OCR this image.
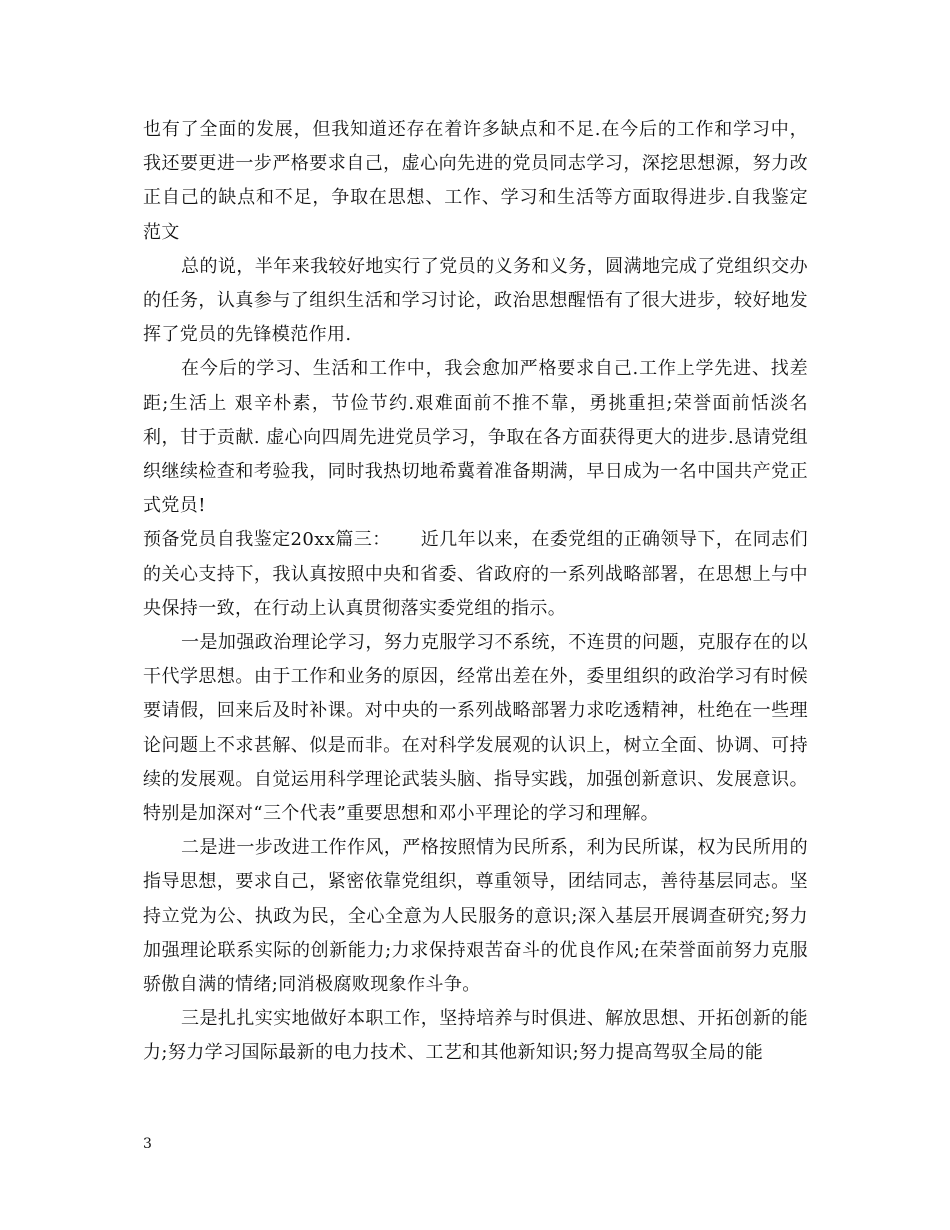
也有了全面的发展，但我知道还存在着许多缺点和不足.在今后的工作和学习中，我还要更进一步严格要求自己，虚心向先进的党员同志学习，深挖思想源，努力改正自己的缺点和不足，争取在思想、工作、学习和生活等方面取得进步.自我鉴定范文

总的说，半年来我较好地实行了党员的义务和义务，圆满地完成了党组织交办的任务，认真参与了组织生活和学习讨论，政治思想醒悟有了很大进步，较好地发挥了党员的先锋模范作用.

在今后的学习、生活和工作中，我会愈加严格要求自己.工作上学先进、找差距;生活上 艰辛朴素，节俭节约.艰难面前不推不靠，勇挑重担;荣誉面前恬淡名利，甘于贡献. 虚心向四周先进党员学习，争取在各方面获得更大的进步.恳请党组织继续检查和考验我，同时我热切地希冀着准备期满，早日成为一名中国共产党正式党员!

预备党员自我鉴定20xx篇三： 近几年以来，在委党组的正确领导下，在同志们的关心支持下，我认真按照中央和省委、省政府的一系列战略部署，在思想上与中央保持一致，在行动上认真贯彻落实委党组的指示。

一是加强政治理论学习，努力克服学习不系统，不连贯的问题，克服存在的以干代学思想。由于工作和业务的原因，经常出差在外，委里组织的政治学习有时候要请假，回来后及时补课。对中央的一系列战略部署力求吃透精神，杜绝在一些理论问题上不求甚解、似是而非。在对科学发展观的认识上，树立全面、协调、可持续的发展观。自觉运用科学理论武装头脑、指导实践，加强创新意识、发展意识。特别是加深对“三个代表”重要思想和邓小平理论的学习和理解。

二是进一步改进工作作风，严格按照情为民所系，利为民所谋，权为民所用的指导思想，要求自己，紧密依靠党组织，尊重领导，团结同志，善待基层同志。坚持立党为公、执政为民，全心全意为人民服务的意识;深入基层开展调查研究;努力加强理论联系实际的创新能力;力求保持艰苦奋斗的优良作风;在荣誉面前努力克服骄傲自满的情绪;同消极腐败现象作斗争。

三是扎扎实实地做好本职工作，坚持培养与时俱进、解放思想、开拓创新的能力;努力学习国际最新的电力技术、工艺和其他新知识;努力提高驾驭全局的能

3
